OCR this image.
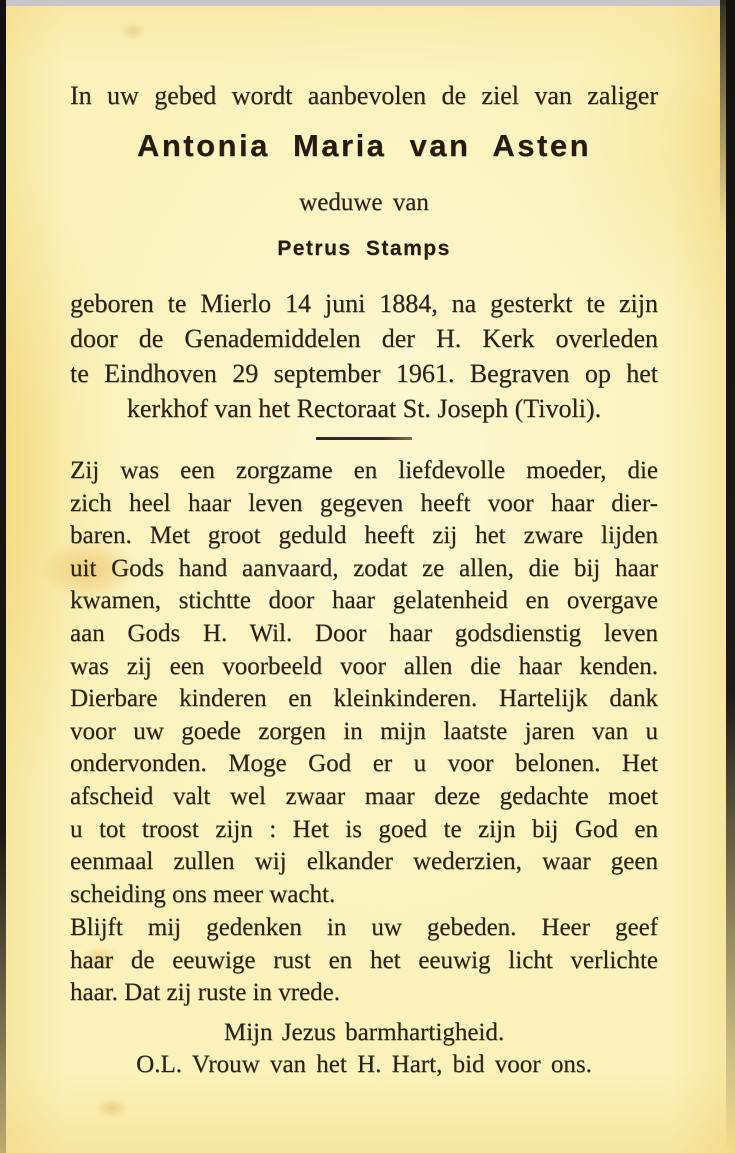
In uw gebed wordt aanbevolen de ziel van zaliger
Antonia Maria van Asten
weduwe van
Petrus Stamps
geboren te Mierlo 14 juni 1884, na gesterkt te zijn
door de Genademiddelen der H. Kerk overleden
te Eindhoven 29 september 1961. Begraven op het
kerkhof van het Rectoraat St. Joseph (Tivoli).
Zij was een zorgzame en liefdevolle moeder, die
zich heel haar leven gegeven heeft voor haar dier-
baren. Met groot geduld heeft zij het zware lijden
uit Gods hand aanvaard, zodat ze allen, die bij haar
kwamen, stichtte door haar gelatenheid en overgave
aan Gods H. Wil. Door haar godsdienstig leven
was zij een voorbeeld voor allen die haar kenden.
Dierbare kinderen en kleinkinderen. Hartelijk dank
voor uw goede zorgen in mijn laatste jaren van u
ondervonden. Moge God er u voor belonen. Het
afscheid valt wel zwaar maar deze gedachte moet
u tot troost zijn : Het is goed te zijn bij God en
eenmaal zullen wij elkander wederzien, waar geen
scheiding ons meer wacht.
Blijft mij gedenken in uw gebeden. Heer geef
haar de eeuwige rust en het eeuwig licht verlichte
haar. Dat zij ruste in vrede.
Mijn Jezus barmhartigheid.
O.L. Vrouw van het H. Hart, bid voor ons.
